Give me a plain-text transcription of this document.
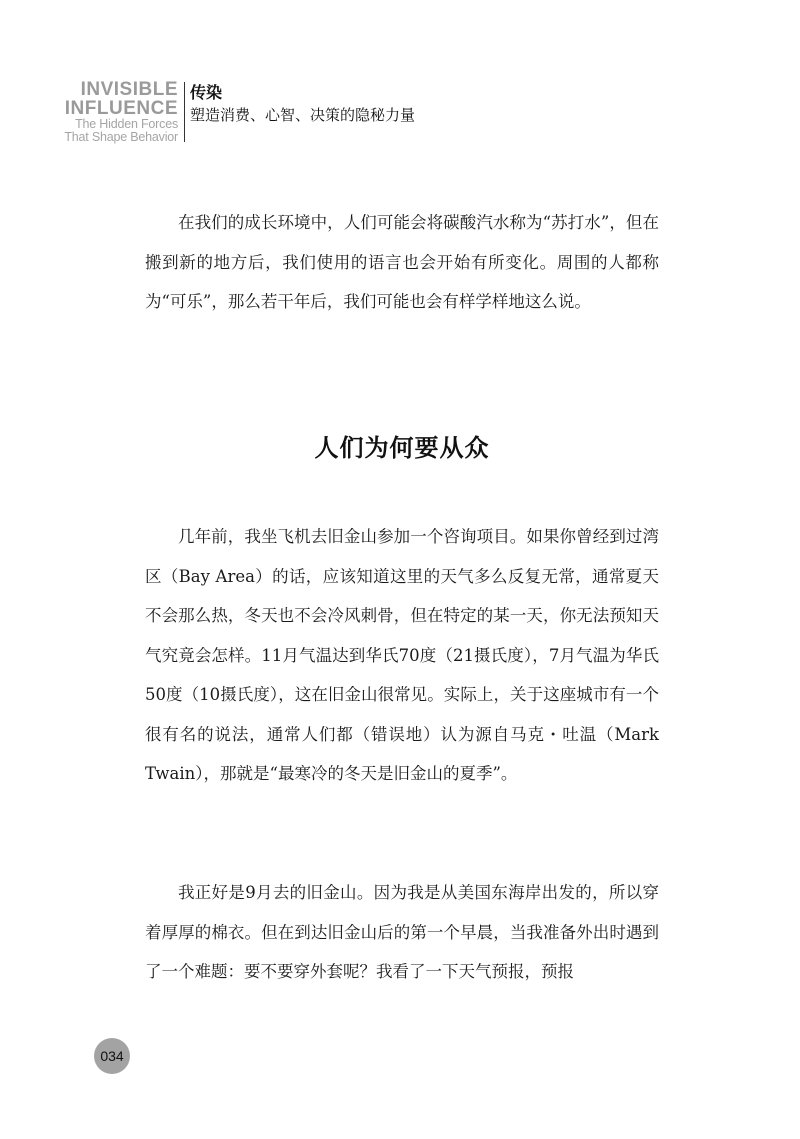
INVISIBLE
INFLUENCE
The Hidden Forces
That Shape Behavior
传染
塑造消费、心智、决策的隐秘力量

在我们的成长环境中，人们可能会将碳酸汽水称为“苏打水”，但在搬到新的地方后，我们使用的语言也会开始有所变化。周围的人都称为“可乐”，那么若干年后，我们可能也会有样学样地这么说。

人们为何要从众

几年前，我坐飞机去旧金山参加一个咨询项目。如果你曾经到过湾区（Bay Area）的话，应该知道这里的天气多么反复无常，通常夏天不会那么热，冬天也不会冷风刺骨，但在特定的某一天，你无法预知天气究竟会怎样。11月气温达到华氏70度（21摄氏度），7月气温为华氏50度（10摄氏度），这在旧金山很常见。实际上，关于这座城市有一个很有名的说法，通常人们都（错误地）认为源自马克・吐温（Mark Twain），那就是“最寒冷的冬天是旧金山的夏季”。

我正好是9月去的旧金山。因为我是从美国东海岸出发的，所以穿着厚厚的棉衣。但在到达旧金山后的第一个早晨，当我准备外出时遇到了一个难题：要不要穿外套呢？我看了一下天气预报，预报

034
